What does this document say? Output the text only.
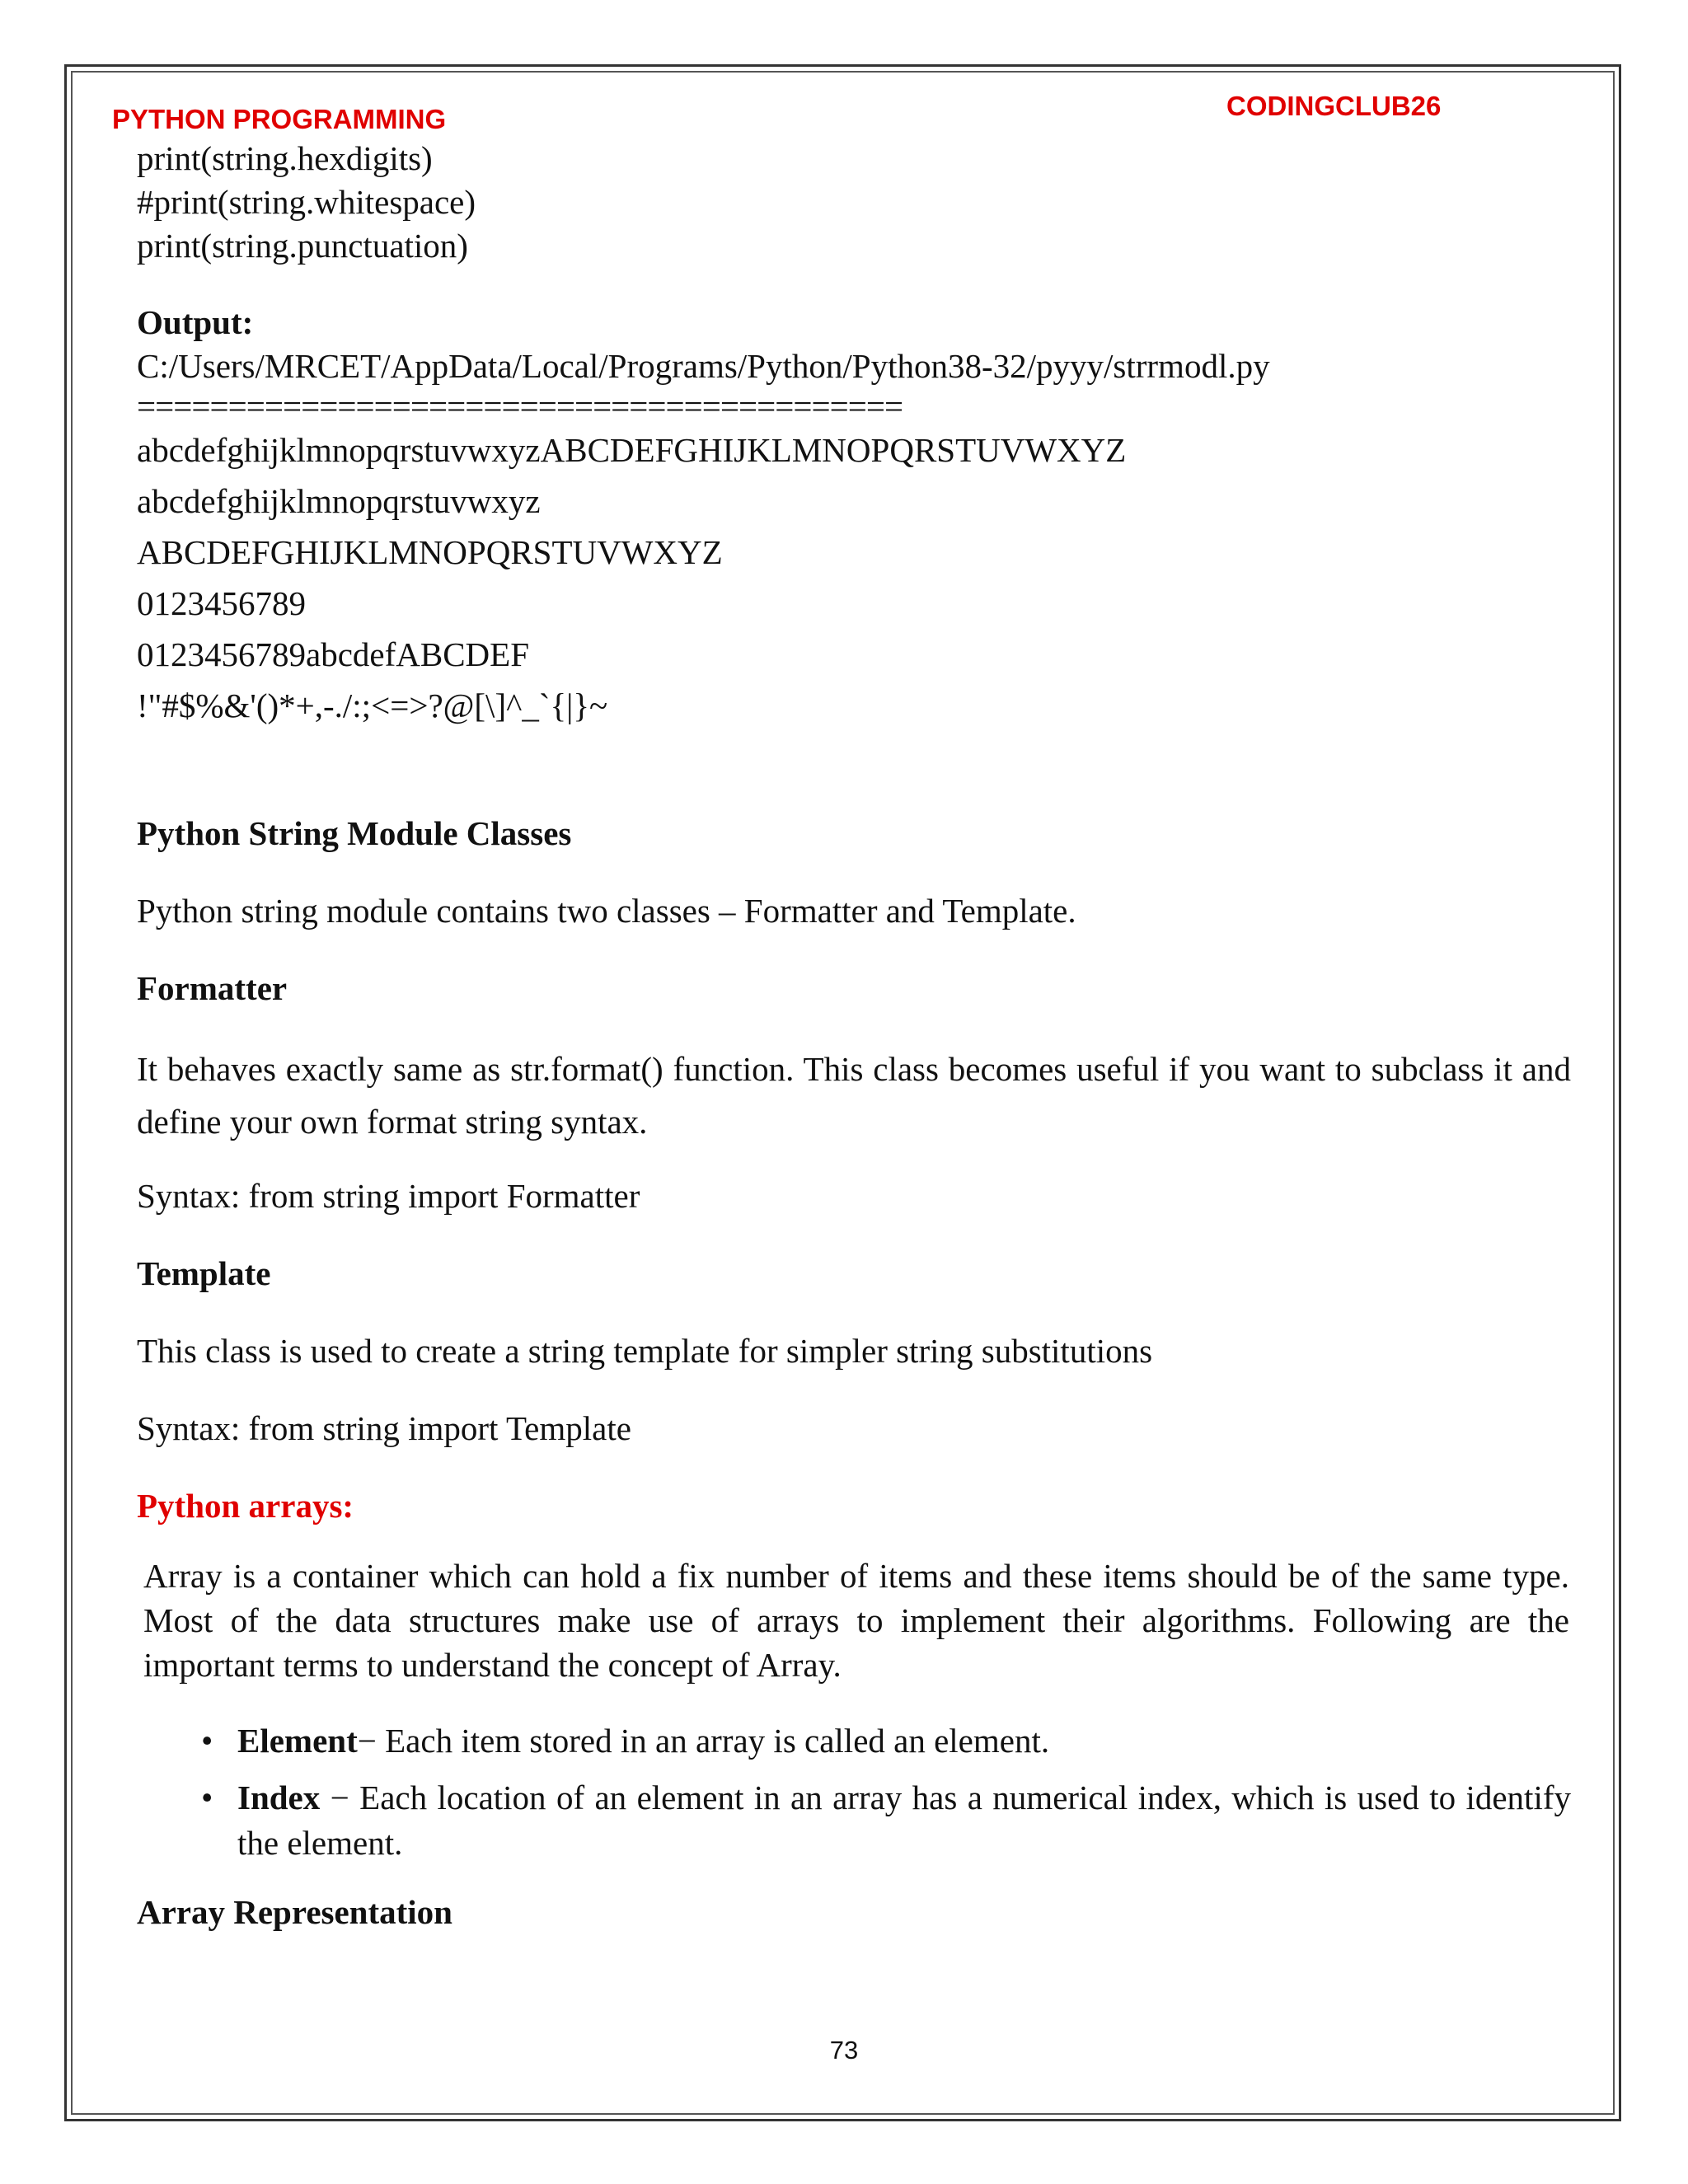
PYTHON PROGRAMMING	CODINGCLUB26
print(string.hexdigits)
#print(string.whitespace)
print(string.punctuation)
Output:
C:/Users/MRCET/AppData/Local/Programs/Python/Python38-32/pyyy/strrmodl.py
==========================================
abcdefghijklmnopqrstuvwxyzABCDEFGHIJKLMNOPQRSTUVWXYZ
abcdefghijklmnopqrstuvwxyz
ABCDEFGHIJKLMNOPQRSTUVWXYZ
0123456789
0123456789abcdefABCDEF
!"#$%&'()*+,-./:;<=>?@[\]^_`{|}~

Python String Module Classes

Python string module contains two classes – Formatter and Template.

Formatter

It behaves exactly same as str.format() function. This class becomes useful if you want to subclass it and define your own format string syntax.

Syntax: from string import Formatter

Template

This class is used to create a string template for simpler string substitutions

Syntax: from string import Template

Python arrays:

Array is a container which can hold a fix number of items and these items should be of the same type. Most of the data structures make use of arrays to implement their algorithms. Following are the important terms to understand the concept of Array.

• Element− Each item stored in an array is called an element.
• Index − Each location of an element in an array has a numerical index, which is used to identify the element.

Array Representation

73
